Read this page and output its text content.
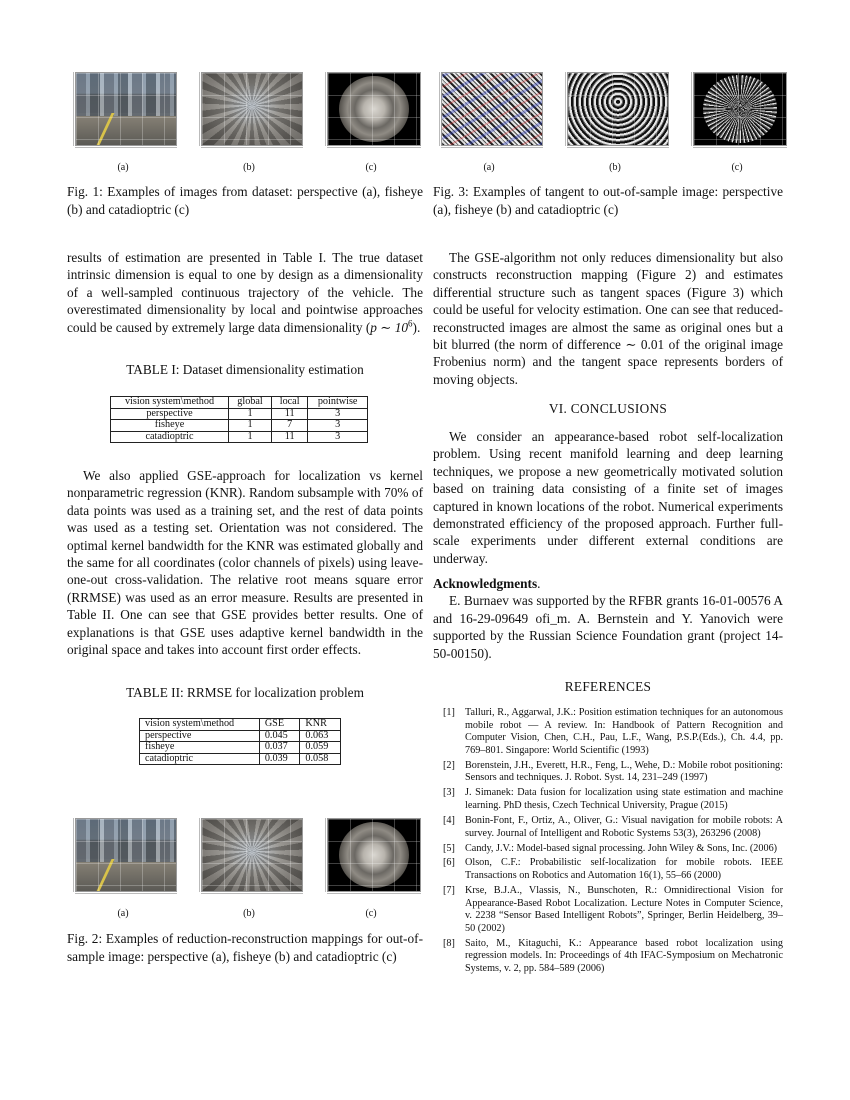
(a)	(b)	(c)
Fig. 1: Examples of images from dataset: perspective (a), fisheye (b) and catadioptric (c)
results of estimation are presented in Table I. The true dataset intrinsic dimension is equal to one by design as a dimensionality of a well-sampled continuous trajectory of the vehicle. The overestimated dimensionality by local and pointwise approaches could be caused by extremely large data dimensionality (p ∼ $10^6$).
TABLE I: Dataset dimensionality estimation
vision system\method	global	local	pointwise
perspective	1	11	3
fisheye	1	7	3
catadioptric	1	11	3
We also applied GSE-approach for localization vs kernel nonparametric regression (KNR). Random subsample with 70% of data points was used as a training set, and the rest of data points was used as a testing set. Orientation was not considered. The optimal kernel bandwidth for the KNR was estimated globally and the same for all coordinates (color channels of pixels) using leave-one-out cross-validation. The relative root means square error (RRMSE) was used as an error measure. Results are presented in Table II. One can see that GSE provides better results. One of explanations is that GSE uses adaptive kernel bandwidth in the original space and takes into account first order effects.
TABLE II: RRMSE for localization problem
vision system\method	GSE	KNR
perspective	0.045	0.063
fisheye	0.037	0.059
catadioptric	0.039	0.058
(a)	(b)	(c)
Fig. 2: Examples of reduction-reconstruction mappings for out-of-sample image: perspective (a), fisheye (b) and catadioptric (c)
(a)	(b)	(c)
Fig. 3: Examples of tangent to out-of-sample image: perspective (a), fisheye (b) and catadioptric (c)
The GSE-algorithm not only reduces dimensionality but also constructs reconstruction mapping (Figure 2) and estimates differential structure such as tangent spaces (Figure 3) which could be useful for velocity estimation. One can see that reduced-reconstructed images are almost the same as original ones but a bit blurred (the norm of difference ∼ 0.01 of the original image Frobenius norm) and the tangent space represents borders of moving objects.
VI. CONCLUSIONS
We consider an appearance-based robot self-localization problem. Using recent manifold learning and deep learning techniques, we propose a new geometrically motivated solution based on training data consisting of a finite set of images captured in known locations of the robot. Numerical experiments demonstrated efficiency of the proposed approach. Further full-scale experiments under different external conditions are underway.
Acknowledgments.
E. Burnaev was supported by the RFBR grants 16-01-00576 A and 16-29-09649 ofi_m. A. Bernstein and Y. Yanovich were supported by the Russian Science Foundation grant (project 14-50-00150).
REFERENCES
[1] Talluri, R., Aggarwal, J.K.: Position estimation techniques for an autonomous mobile robot — A review. In: Handbook of Pattern Recognition and Computer Vision, Chen, C.H., Pau, L.F., Wang, P.S.P.(Eds.), Ch. 4.4, pp. 769–801. Singapore: World Scientific (1993)
[2] Borenstein, J.H., Everett, H.R., Feng, L., Wehe, D.: Mobile robot positioning: Sensors and techniques. J. Robot. Syst. 14, 231–249 (1997)
[3] J. Simanek: Data fusion for localization using state estimation and machine learning. PhD thesis, Czech Technical University, Prague (2015)
[4] Bonin-Font, F., Ortiz, A., Oliver, G.: Visual navigation for mobile robots: A survey. Journal of Intelligent and Robotic Systems 53(3), 263296 (2008)
[5] Candy, J.V.: Model-based signal processing. John Wiley & Sons, Inc. (2006)
[6] Olson, C.F.: Probabilistic self-localization for mobile robots. IEEE Transactions on Robotics and Automation 16(1), 55–66 (2000)
[7] Krse, B.J.A., Vlassis, N., Bunschoten, R.: Omnidirectional Vision for Appearance-Based Robot Localization. Lecture Notes in Computer Science, v. 2238 “Sensor Based Intelligent Robots”, Springer, Berlin Heidelberg, 39–50 (2002)
[8] Saito, M., Kitaguchi, K.: Appearance based robot localization using regression models. In: Proceedings of 4th IFAC-Symposium on Mechatronic Systems, v. 2, pp. 584–589 (2006)
